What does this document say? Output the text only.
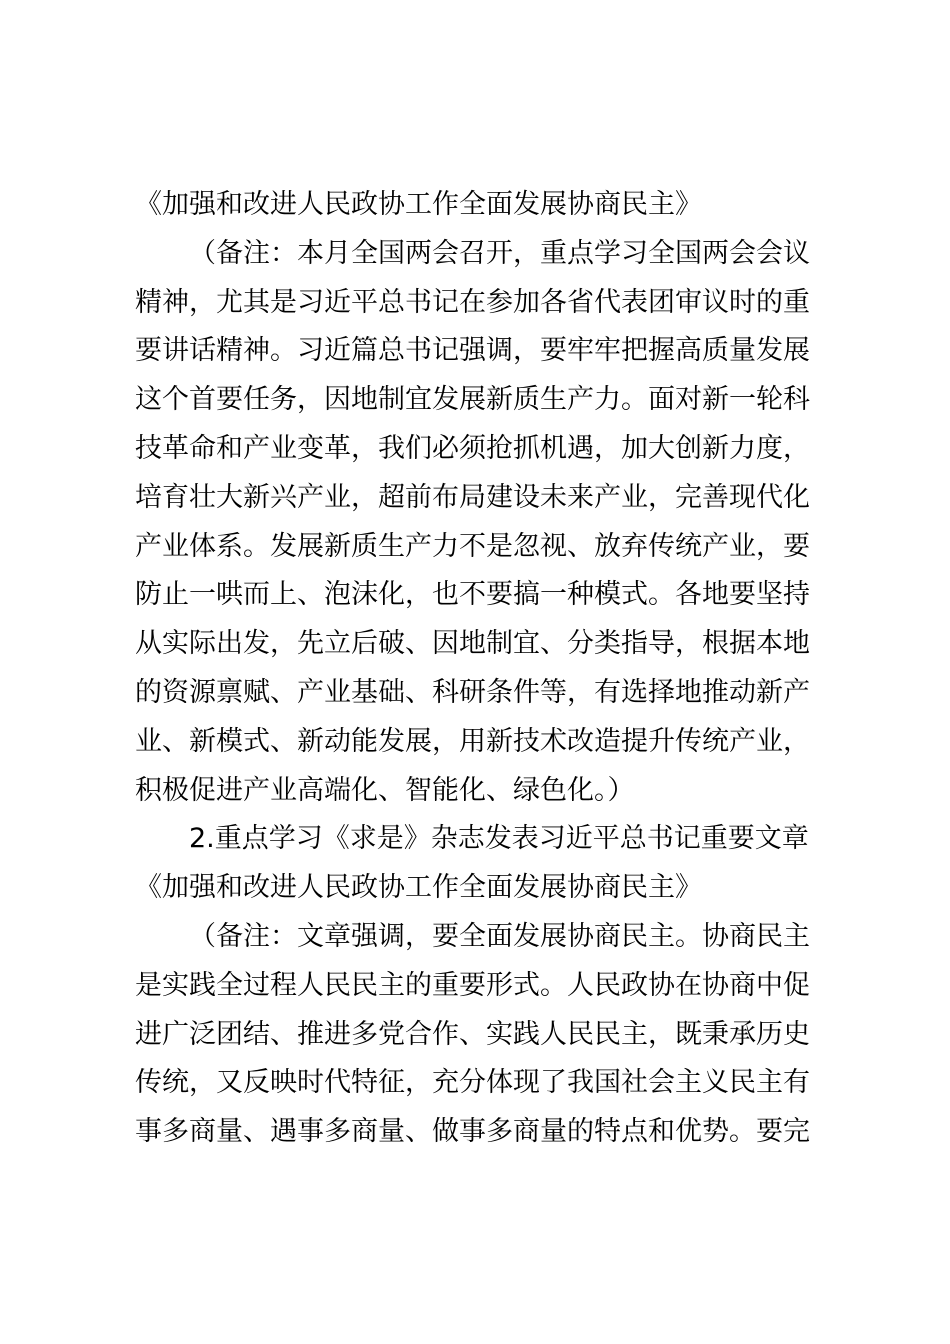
《加强和改进人民政协工作全面发展协商民主》
（备注：本月全国两会召开，重点学习全国两会会议
精神，尤其是习近平总书记在参加各省代表团审议时的重
要讲话精神。习近篇总书记强调，要牢牢把握高质量发展
这个首要任务，因地制宜发展新质生产力。面对新一轮科
技革命和产业变革，我们必须抢抓机遇，加大创新力度，
培育壮大新兴产业，超前布局建设未来产业，完善现代化
产业体系。发展新质生产力不是忽视、放弃传统产业，要
防止一哄而上、泡沫化，也不要搞一种模式。各地要坚持
从实际出发，先立后破、因地制宜、分类指导，根据本地
的资源禀赋、产业基础、科研条件等，有选择地推动新产
业、新模式、新动能发展，用新技术改造提升传统产业，
积极促进产业高端化、智能化、绿色化。）
2.重点学习《求是》杂志发表习近平总书记重要文章
《加强和改进人民政协工作全面发展协商民主》
（备注：文章强调，要全面发展协商民主。协商民主
是实践全过程人民民主的重要形式。人民政协在协商中促
进广泛团结、推进多党合作、实践人民民主，既秉承历史
传统，又反映时代特征，充分体现了我国社会主义民主有
事多商量、遇事多商量、做事多商量的特点和优势。要完
